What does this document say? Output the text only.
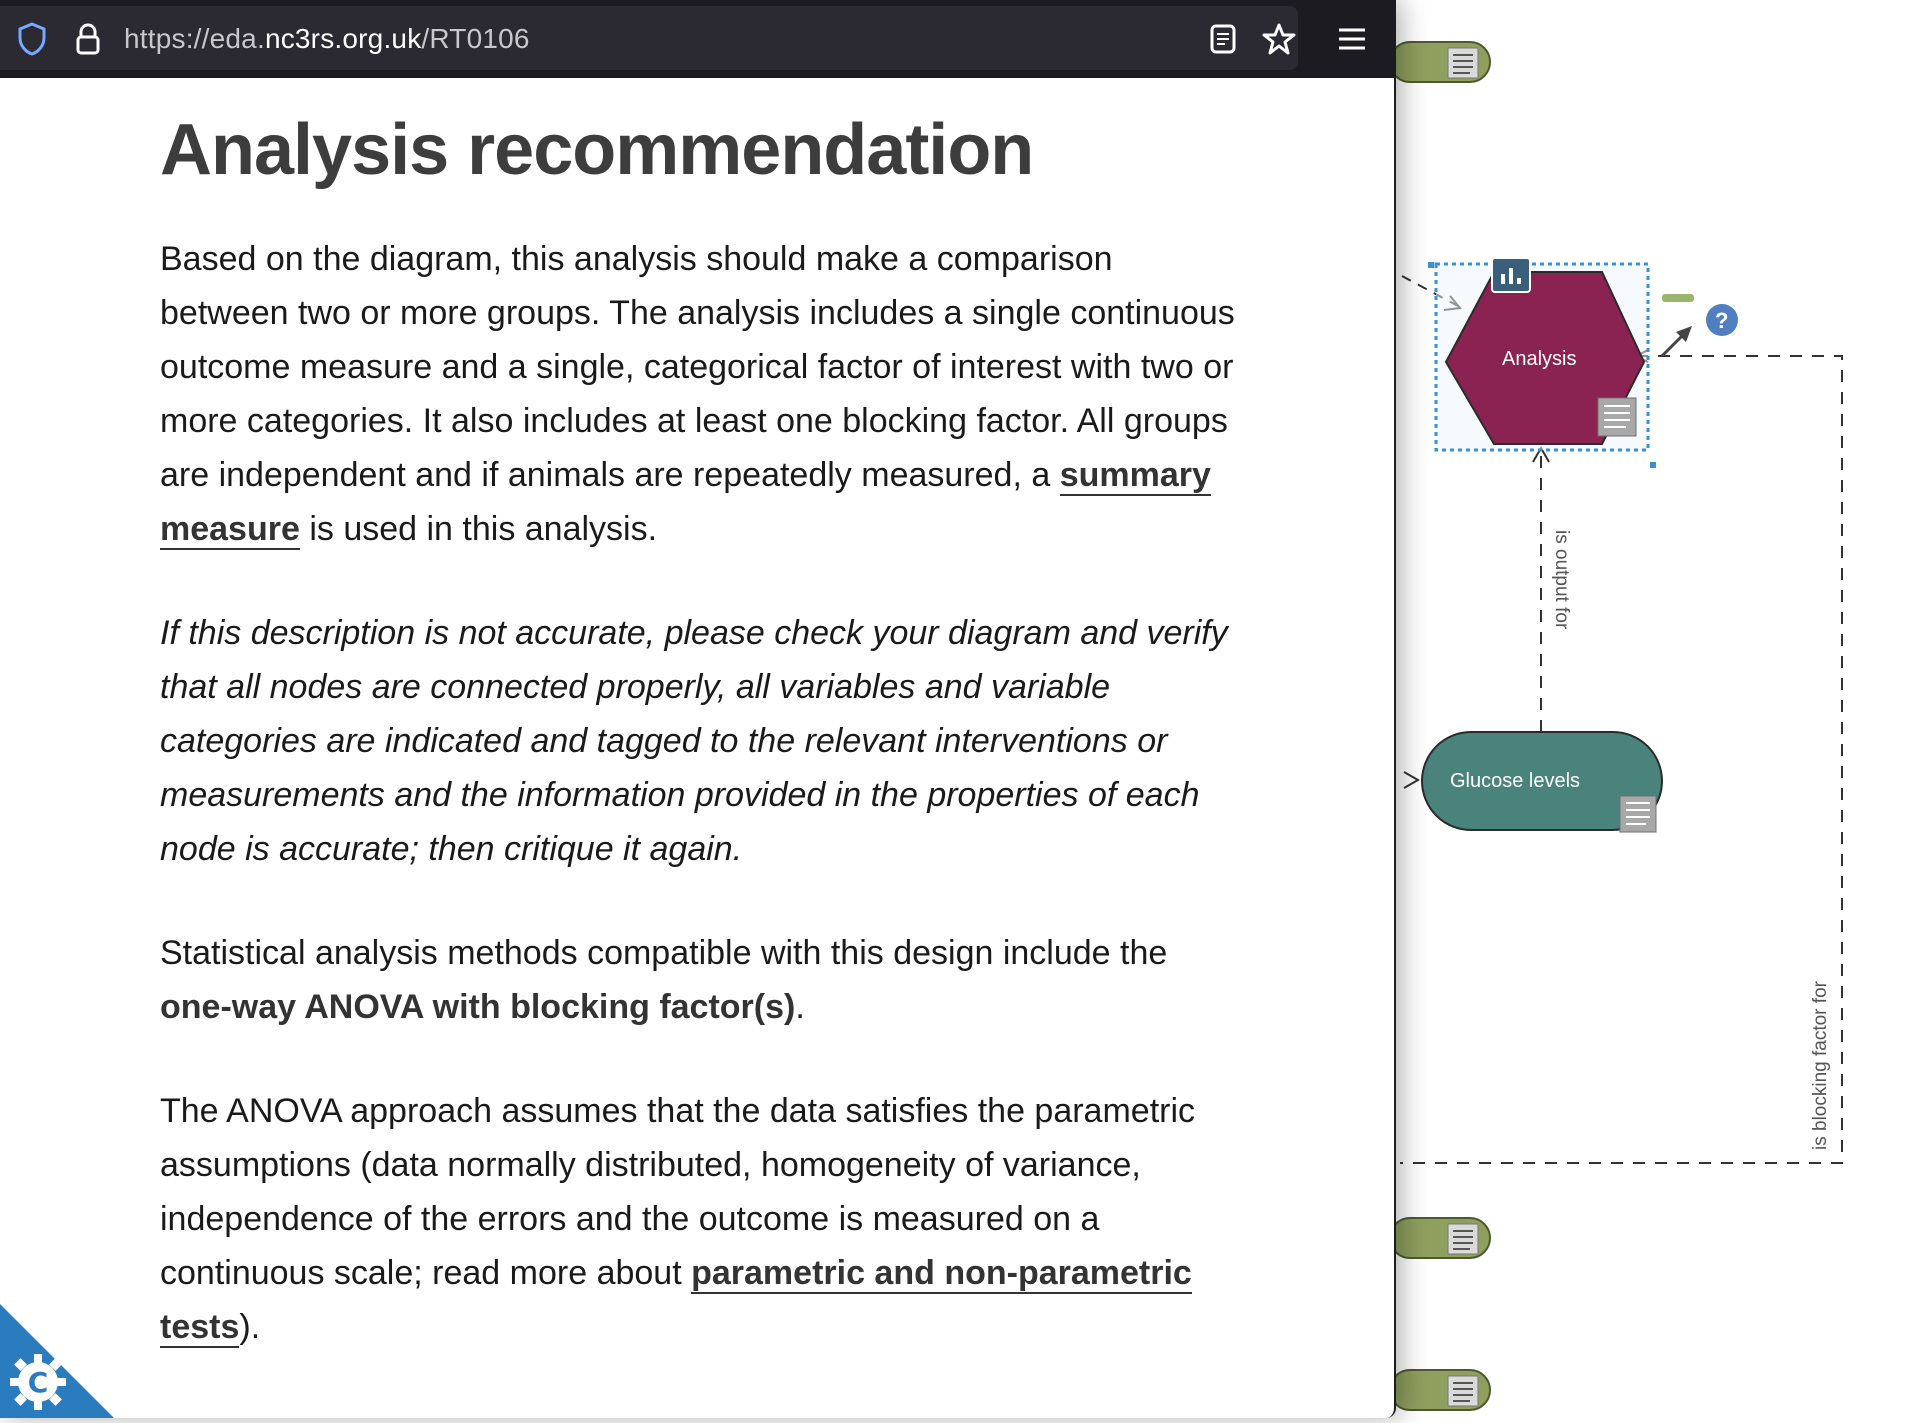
Analysis
Glucose levels
?
is output for
is blocking factor for
https://eda.nc3rs.org.uk/RT0106
Analysis recommendation

Based on the diagram, this analysis should make a comparison between two or more groups. The analysis includes a single continuous outcome measure and a single, categorical factor of interest with two or more categories. It also includes at least one blocking factor. All groups are independent and if animals are repeatedly measured, a summary measure is used in this analysis.

If this description is not accurate, please check your diagram and verify that all nodes are connected properly, all variables and variable categories are indicated and tagged to the relevant interventions or measurements and the information provided in the properties of each node is accurate; then critique it again.

Statistical analysis methods compatible with this design include the one-way ANOVA with blocking factor(s).

The ANOVA approach assumes that the data satisfies the parametric assumptions (data normally distributed, homogeneity of variance, independence of the errors and the outcome is measured on a continuous scale; read more about parametric and non-parametric tests).

C
